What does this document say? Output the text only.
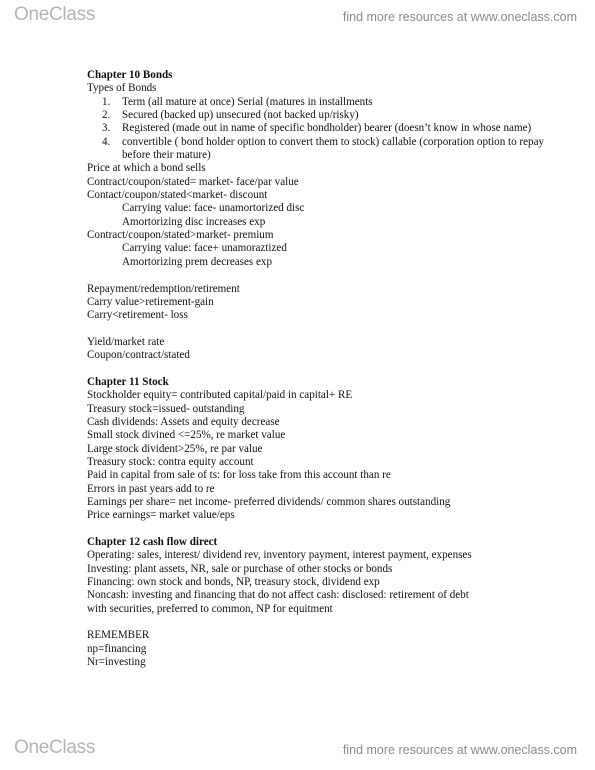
OneClass	find more resources at www.oneclass.com
Chapter 10 Bonds
Types of Bonds
1.	Term (all mature at once) Serial (matures in installments
2.	Secured (backed up) unsecured (not backed up/risky)
3.	Registered (made out in name of specific bondholder) bearer (doesn’t know in whose name)
4.	convertible ( bond holder option to convert them to stock) callable (corporation option to repay before their mature)
Price at which a bond sells
Contract/coupon/stated= market- face/par value
Contact/coupon/stated<market- discount
Carrying value: face- unamortorized disc
Amortorizing disc increases exp
Contract/coupon/stated>market- premium
Carrying value: face+ unamoraztized
Amortorizing prem decreases exp
Repayment/redemption/retirement
Carry value>retirement-gain
Carry<retirement- loss
Yield/market rate
Coupon/contract/stated
Chapter 11 Stock
Stockholder equity= contributed capital/paid in capital+ RE
Treasury stock=issued- outstanding
Cash dividends: Assets and equity decrease
Small stock divined <=25%, re market value
Large stock divident>25%, re par value
Treasury stock: contra equity account
Paid in capital from sale of ts: for loss take from this account than re
Errors in past years add to re
Earnings per share= net income- preferred dividends/ common shares outstanding
Price earnings= market value/eps
Chapter 12 cash flow direct
Operating: sales, interest/ dividend rev, inventory payment, interest payment, expenses
Investing: plant assets, NR, sale or purchase of other stocks or bonds
Financing: own stock and bonds, NP, treasury stock, dividend exp
Noncash: investing and financing that do not affect cash: disclosed: retirement of debt
with securities, preferred to common, NP for equitment
REMEMBER
np=financing
Nr=investing
OneClass	find more resources at www.oneclass.com
